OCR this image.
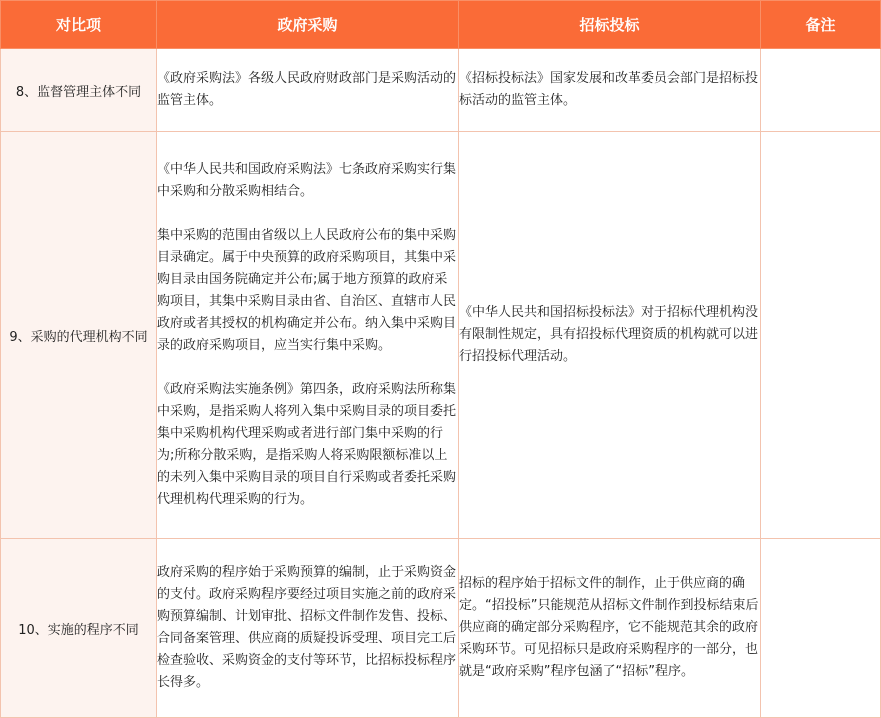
对比项	政府采购	招标投标	备注
8、监督管理主体不同	《政府采购法》各级人民政府财政部门是采购活动的监管主体。	《招标投标法》国家发展和改革委员会部门是招标投标活动的监管主体。	

9、采购的代理机构不同	《中华人民共和国政府采购法》七条政府采购实行集中采购和分散采购相结合。

集中采购的范围由省级以上人民政府公布的集中采购目录确定。属于中央预算的政府采购项目，其集中采购目录由国务院确定并公布;属于地方预算的政府采购项目，其集中采购目录由省、自治区、直辖市人民政府或者其授权的机构确定并公布。纳入集中采购目录的政府采购项目，应当实行集中采购。

《政府采购法实施条例》第四条，政府采购法所称集中采购，是指采购人将列入集中采购目录的项目委托集中采购机构代理采购或者进行部门集中采购的行为;所称分散采购，是指采购人将采购限额标准以上的未列入集中采购目录的项目自行采购或者委托采购代理机构代理采购的行为。	《中华人民共和国招标投标法》对于招标代理机构没有限制性规定，具有招投标代理资质的机构就可以进行招投标代理活动。	

10、实施的程序不同	政府采购的程序始于采购预算的编制，止于采购资金的支付。政府采购程序要经过项目实施之前的政府采购预算编制、计划审批、招标文件制作发售、投标、合同备案管理、供应商的质疑投诉受理、项目完工后检查验收、采购资金的支付等环节，比招标投标程序长得多。	招标的程序始于招标文件的制作，止于供应商的确定。“招投标”只能规范从招标文件制作到投标结束后供应商的确定部分采购程序，它不能规范其余的政府采购环节。可见招标只是政府采购程序的一部分，也就是“政府采购”程序包涵了“招标”程序。	
